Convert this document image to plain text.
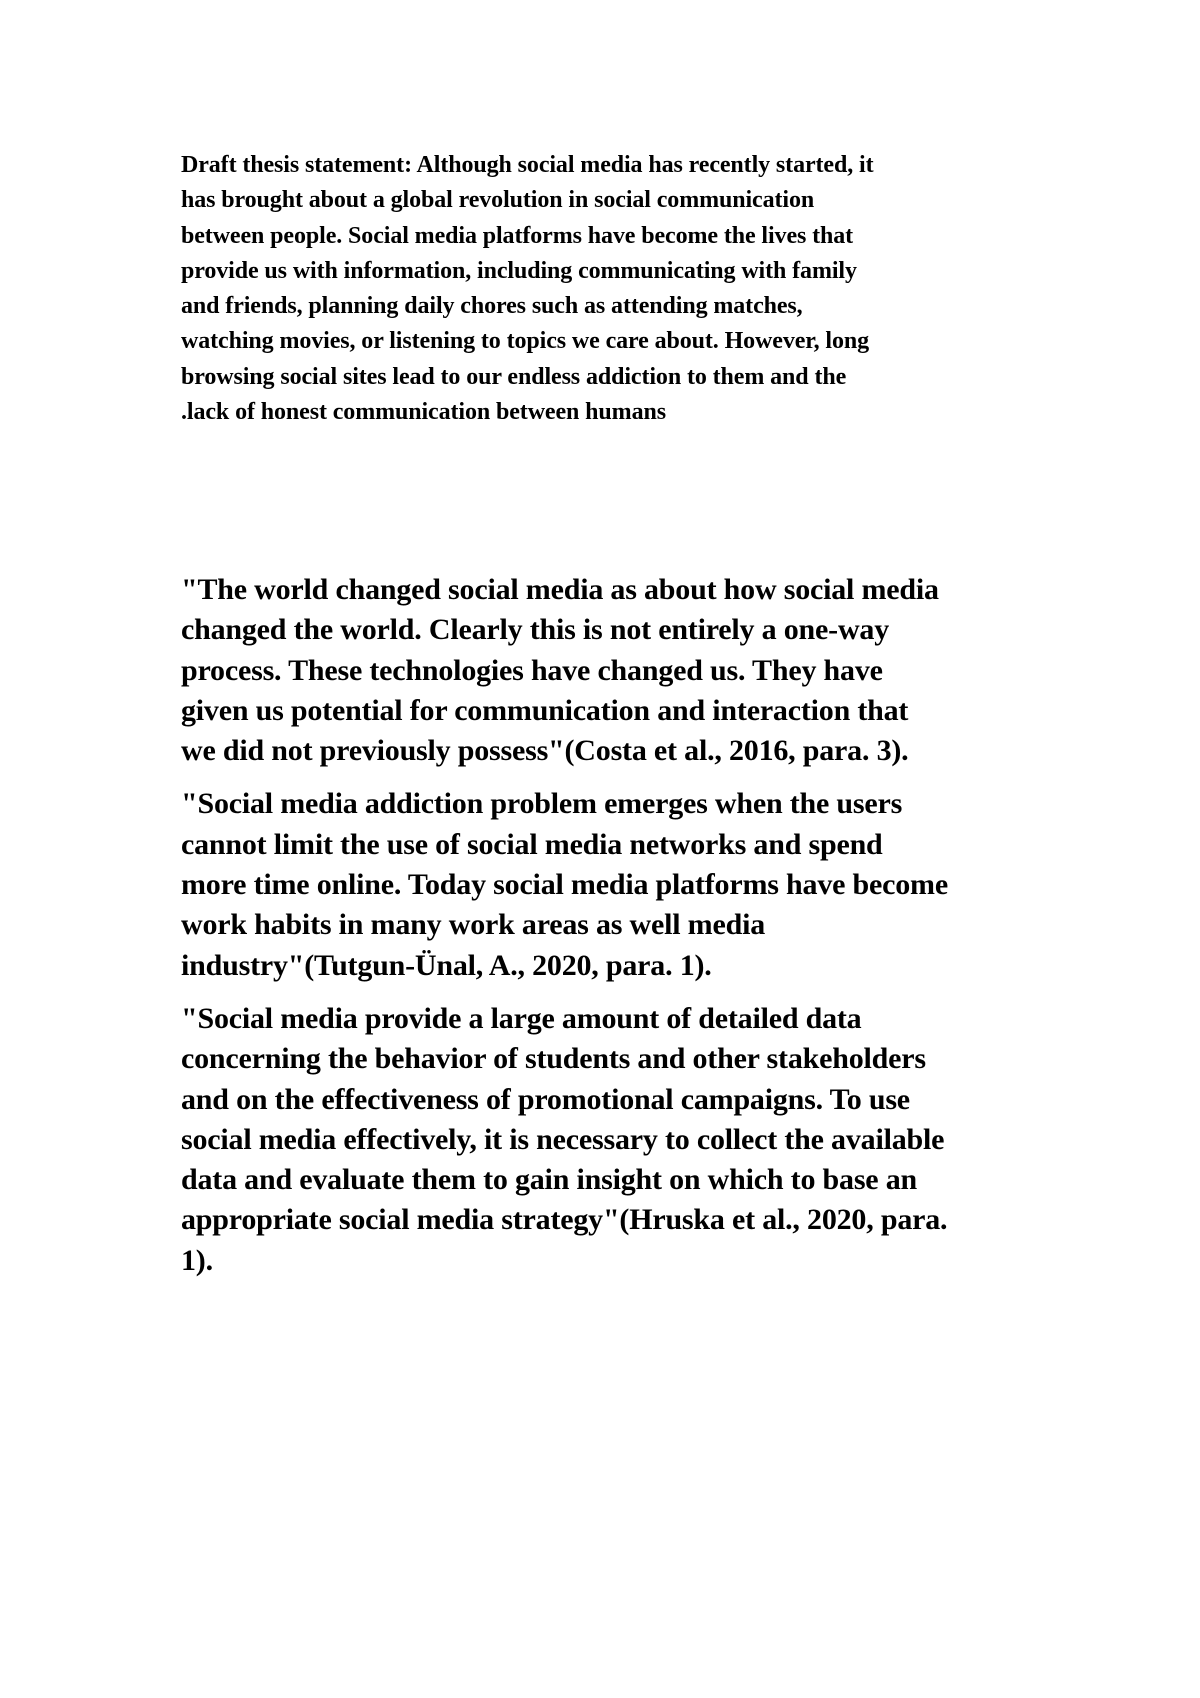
Draft thesis statement: Although social media has recently started, it
has brought about a global revolution in social communication
between people. Social media platforms have become the lives that
provide us with information, including communicating with family
and friends, planning daily chores such as attending matches,
watching movies, or listening to topics we care about. However, long
browsing social sites lead to our endless addiction to them and the
.lack of honest communication between humans

"The world changed social media as about how social media
changed the world. Clearly this is not entirely a one-way
process. These technologies have changed us. They have
given us potential for communication and interaction that
we did not previously possess"(Costa et al., 2016, para. 3).

"Social media addiction problem emerges when the users
cannot limit the use of social media networks and spend
more time online. Today social media platforms have become
work habits in many work areas as well media
industry"(Tutgun-Ünal, A., 2020, para. 1).

"Social media provide a large amount of detailed data
concerning the behavior of students and other stakeholders
and on the effectiveness of promotional campaigns. To use
social media effectively, it is necessary to collect the available
data and evaluate them to gain insight on which to base an
appropriate social media strategy"(Hruska et al., 2020, para.
1).
